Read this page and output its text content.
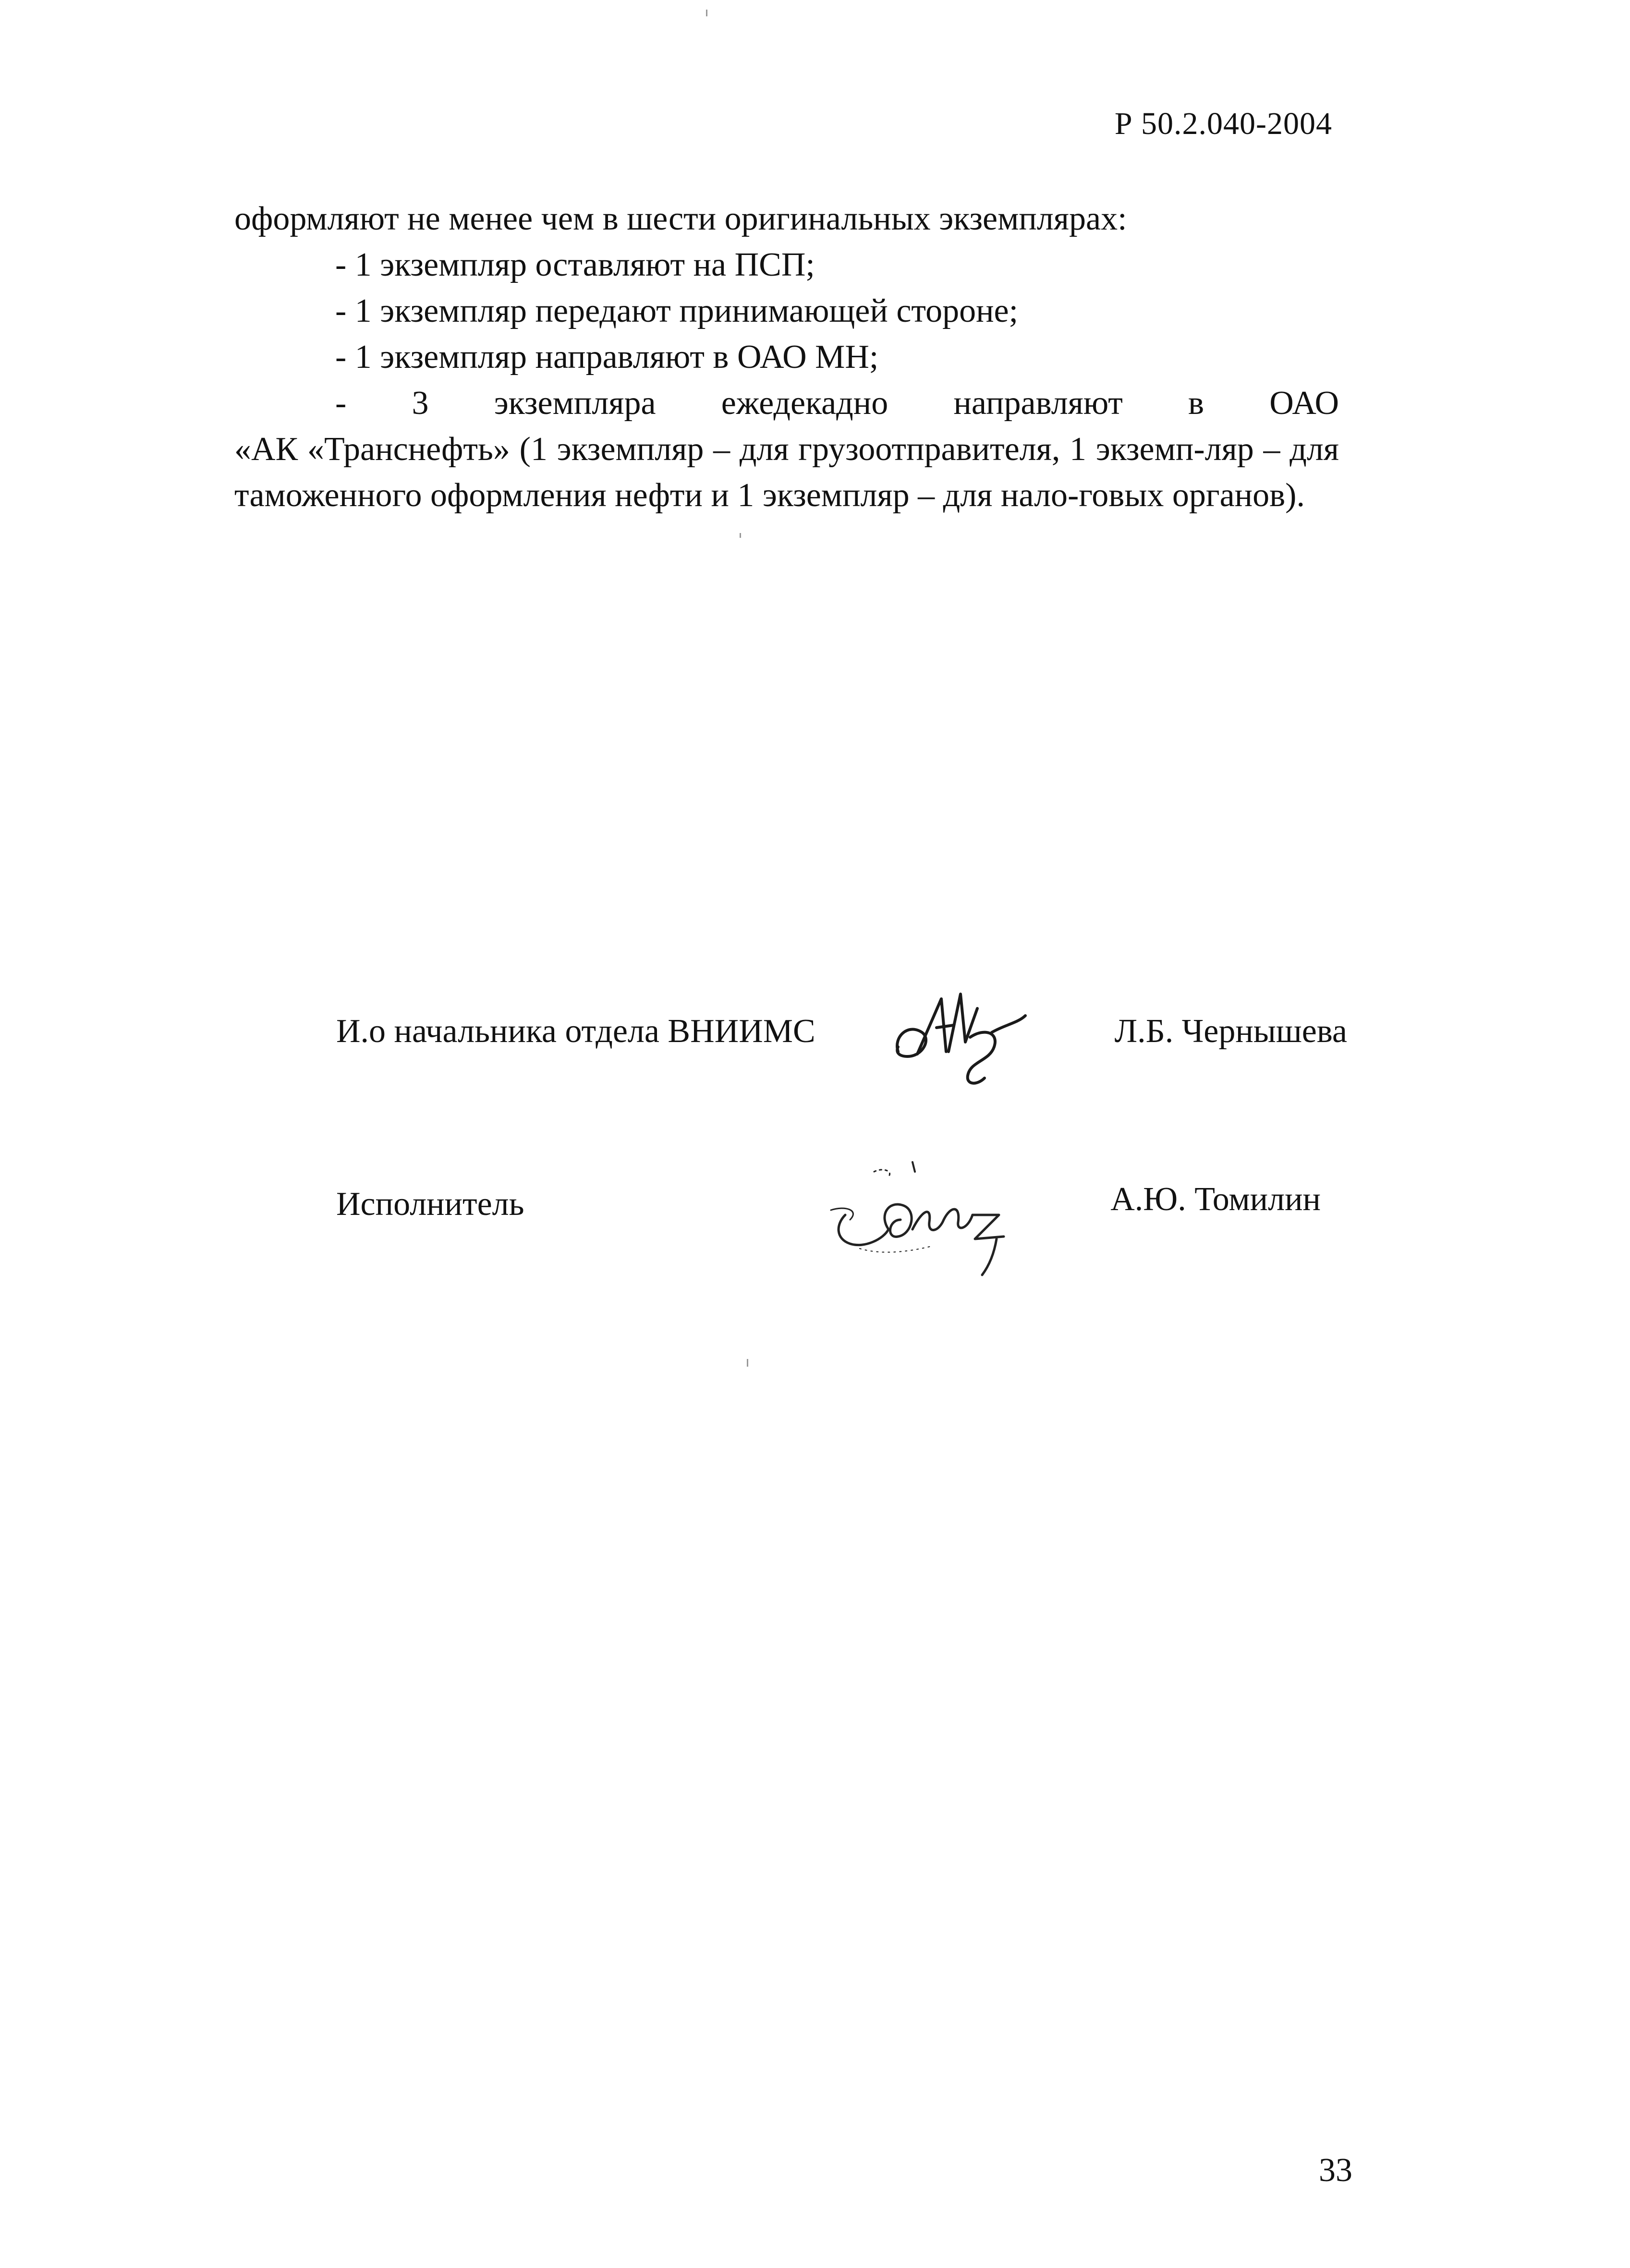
Р 50.2.040-2004

оформляют не менее чем в шести оригинальных экземплярах:

- 1 экземпляр оставляют на ПСП;

- 1 экземпляр передают принимающей стороне;

- 1 экземпляр направляют в ОАО МН;

- 3 экземпляра ежедекадно направляют в ОАО
«АК «Транснефть» (1 экземпляр – для грузоотправителя, 1 экземп-ляр – для таможенного оформления нефти и 1 экземпляр – для нало-говых органов).

И.о начальника отдела ВНИИМС	Л.Б. Чернышева
Исполнитель	А.Ю. Томилин
33
